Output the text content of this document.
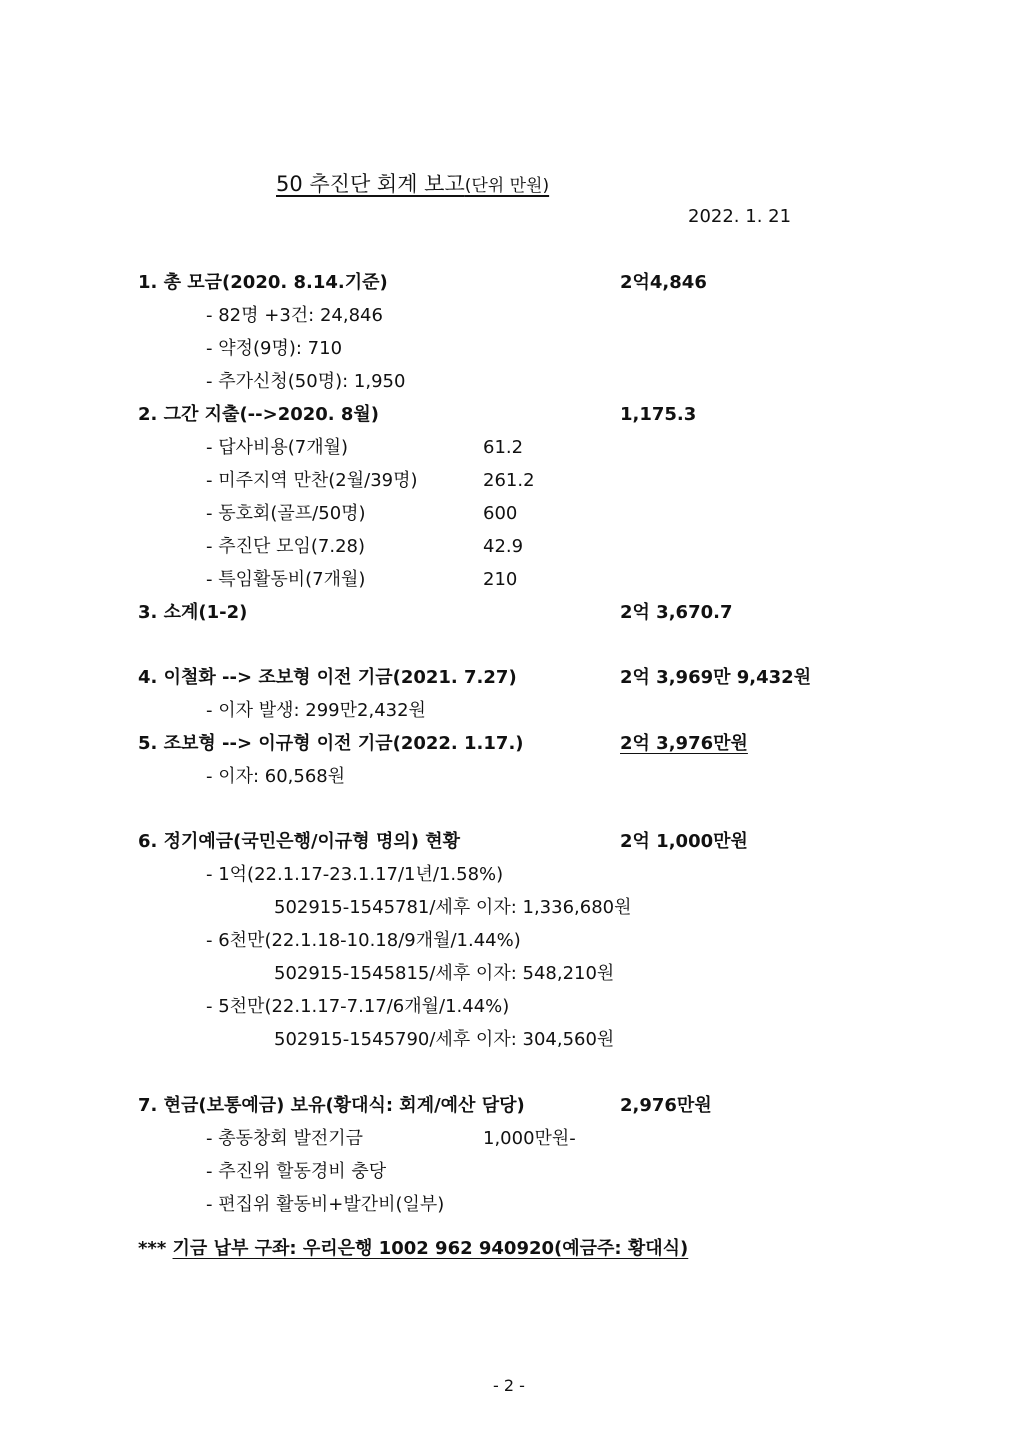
50 추진단 회계 보고(단위 만원)
2022. 1. 21
1. 총 모금(2020. 8.14.기준)	2억4,846
- 82명 +3건: 24,846
- 약정(9명): 710
- 추가신청(50명): 1,950
2. 그간 지출(-->2020. 8월)	1,175.3
- 답사비용(7개월)	61.2
- 미주지역 만찬(2월/39명)	261.2
- 동호회(골프/50명)	600
- 추진단 모임(7.28)	42.9
- 특임활동비(7개월)	210
3. 소계(1-2)	2억 3,670.7
4. 이철화 --> 조보형 이전 기금(2021. 7.27)	2억 3,969만 9,432원
- 이자 발생: 299만2,432원
5. 조보형 --> 이규형 이전 기금(2022. 1.17.)	2억 3,976만원
- 이자: 60,568원
6. 정기예금(국민은행/이규형 명의) 현황	2억 1,000만원
- 1억(22.1.17-23.1.17/1년/1.58%)
502915-1545781/세후 이자: 1,336,680원
- 6천만(22.1.18-10.18/9개월/1.44%)
502915-1545815/세후 이자: 548,210원
- 5천만(22.1.17-7.17/6개월/1.44%)
502915-1545790/세후 이자: 304,560원
7. 현금(보통예금) 보유(황대식: 회계/예산 담당)	2,976만원
- 총동창회 발전기금	1,000만원-
- 추진위 할동경비 충당
- 편집위 활동비+발간비(일부)
*** 기금 납부 구좌: 우리은행 1002 962 940920(예금주: 황대식)
- 2 -
